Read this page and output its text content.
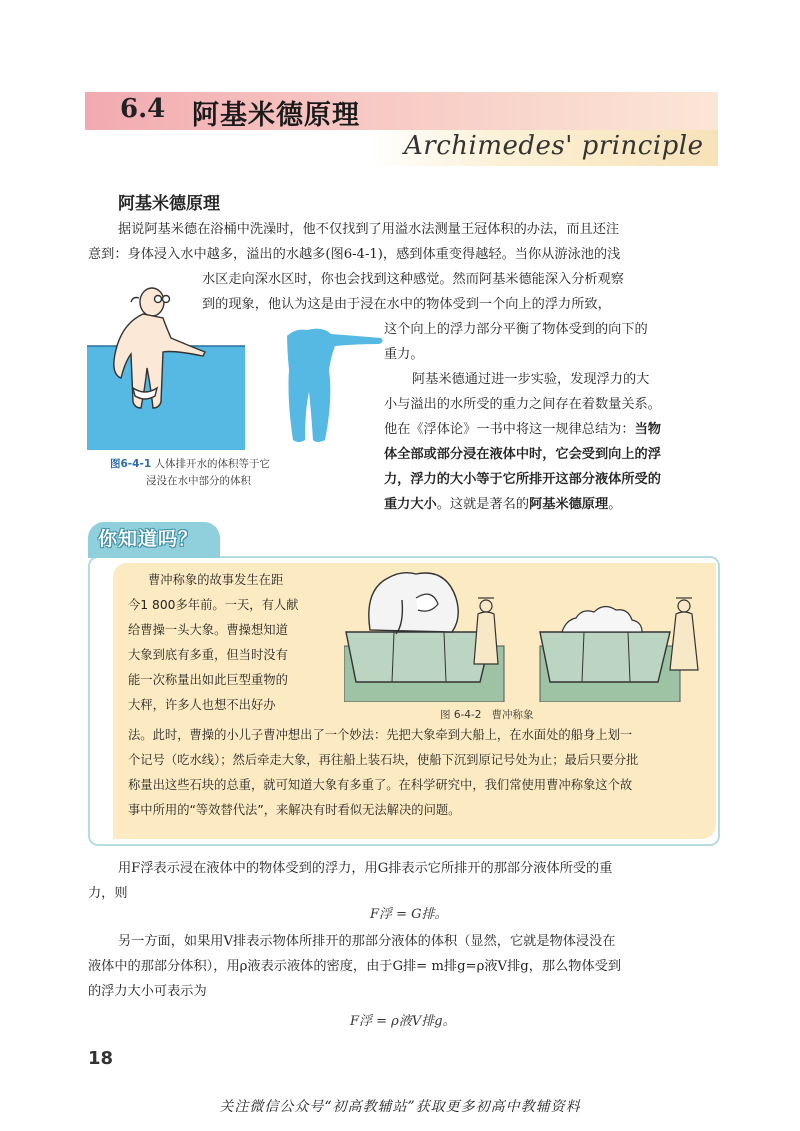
6.4 阿基米德原理
Archimedes' principle
阿基米德原理
据说阿基米德在浴桶中洗澡时，他不仅找到了用溢水法测量王冠体积的办法，而且还注
意到：身体浸入水中越多，溢出的水越多(图6-4-1)，感到体重变得越轻。当你从游泳池的浅
水区走向深水区时，你也会找到这种感觉。然而阿基米德能深入分析观察
到的现象，他认为这是由于浸在水中的物体受到一个向上的浮力所致，
这个向上的浮力部分平衡了物体受到的向下的
重力。
阿基米德通过进一步实验，发现浮力的大
小与溢出的水所受的重力之间存在着数量关系。
他在《浮体论》一书中将这一规律总结为：当物
体全部或部分浸在液体中时，它会受到向上的浮
力，浮力的大小等于它所排开这部分液体所受的
重力大小。这就是著名的阿基米德原理。
图6-4-1 人体排开水的体积等于它
浸没在水中部分的体积
你知道吗？
曹冲称象的故事发生在距
今1 800多年前。一天，有人献
给曹操一头大象。曹操想知道
大象到底有多重，但当时没有
能一次称量出如此巨型重物的
大秤，许多人也想不出好办
法。此时，曹操的小儿子曹冲想出了一个妙法：先把大象牵到大船上，在水面处的船身上划一
个记号（吃水线）；然后牵走大象，再往船上装石块，使船下沉到原记号处为止；最后只要分批
称量出这些石块的总重，就可知道大象有多重了。在科学研究中，我们常使用曹冲称象这个故
事中所用的“等效替代法”，来解决有时看似无法解决的问题。
图 6-4-2 曹冲称象
用F浮表示浸在液体中的物体受到的浮力，用G排表示它所排开的那部分液体所受的重
力，则
F浮 = G排。
另一方面，如果用V排表示物体所排开的那部分液体的体积（显然，它就是物体浸没在
液体中的那部分体积），用ρ液表示液体的密度，由于G排= m排g=ρ液V排g，那么物体受到
的浮力大小可表示为
F浮 = ρ液V排g。
18
关注微信公众号“初高教辅站”获取更多初高中教辅资料
